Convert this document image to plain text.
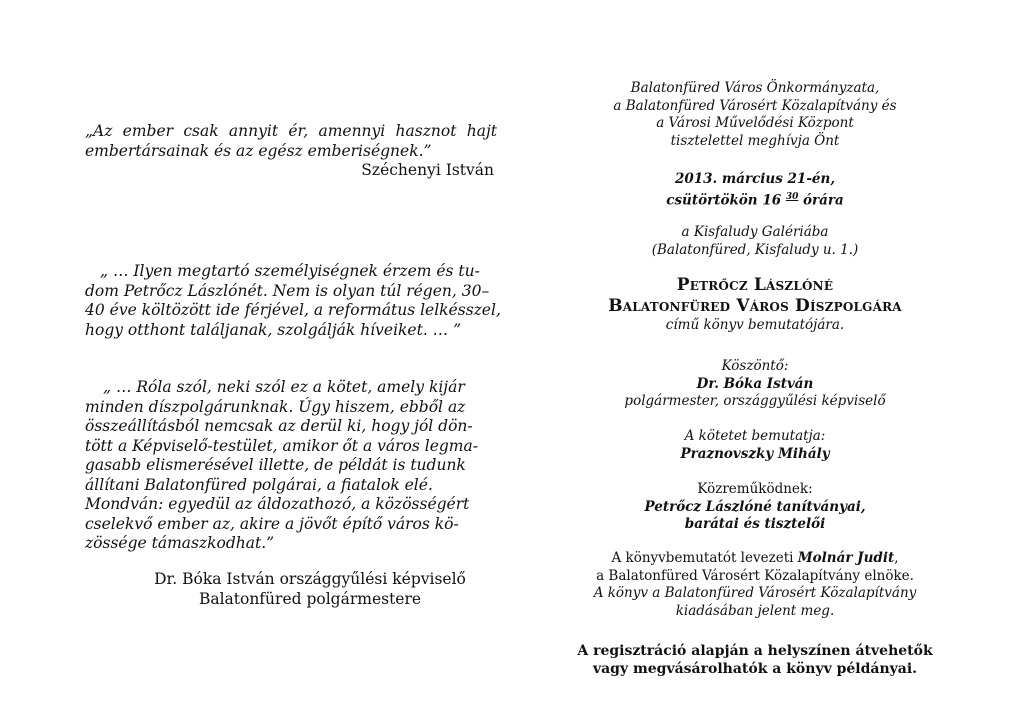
„Az ember csak annyit ér, amennyi hasznot hajt embertársainak és az egész emberiségnek.”
Széchenyi István
„ … Ilyen megtartó személyiségnek érzem és tu-
dom Petrőcz Lászlónét. Nem is olyan túl régen, 30–
40 éve költözött ide férjével, a református lelkésszel,
hogy otthont találjanak, szolgálják híveiket. … ”
„ … Róla szól, neki szól ez a kötet, amely kijár
minden díszpolgárunknak. Úgy hiszem, ebből az
összeállításból nemcsak az derül ki, hogy jól dön-
tött a Képviselő-testület, amikor őt a város legma-
gasabb elismerésével illette, de példát is tudunk
állítani Balatonfüred polgárai, a fiatalok elé.
Mondván: egyedül az áldozathozó, a közösségért
cselekvő ember az, akire a jövőt építő város kö-
zössége támaszkodhat.”
Dr. Bóka István országgyűlési képviselő
Balatonfüred polgármestere
Balatonfüred Város Önkormányzata,
a Balatonfüred Városért Közalapítvány és
a Városi Művelődési Központ
tisztelettel meghívja Önt
2013. március 21-én,
csütörtökön 16 $^{30}$ órára
a Kisfaludy Galériába
(Balatonfüred, Kisfaludy u. 1.)
Petrőcz Lászlóné
Balatonfüred Város Díszpolgára
című könyv bemutatójára.
Köszöntő:
Dr. Bóka István
polgármester, országgyűlési képviselő
A kötetet bemutatja:
Praznovszky Mihály
Közreműködnek:
Petrőcz Lászlóné tanítványai,
barátai és tisztelői
A könyvbemutatót levezeti Molnár Judit,
a Balatonfüred Városért Közalapítvány elnöke.
A könyv a Balatonfüred Városért Közalapítvány
kiadásában jelent meg.
A regisztráció alapján a helyszínen átvehetők
vagy megvásárolhatók a könyv példányai.
